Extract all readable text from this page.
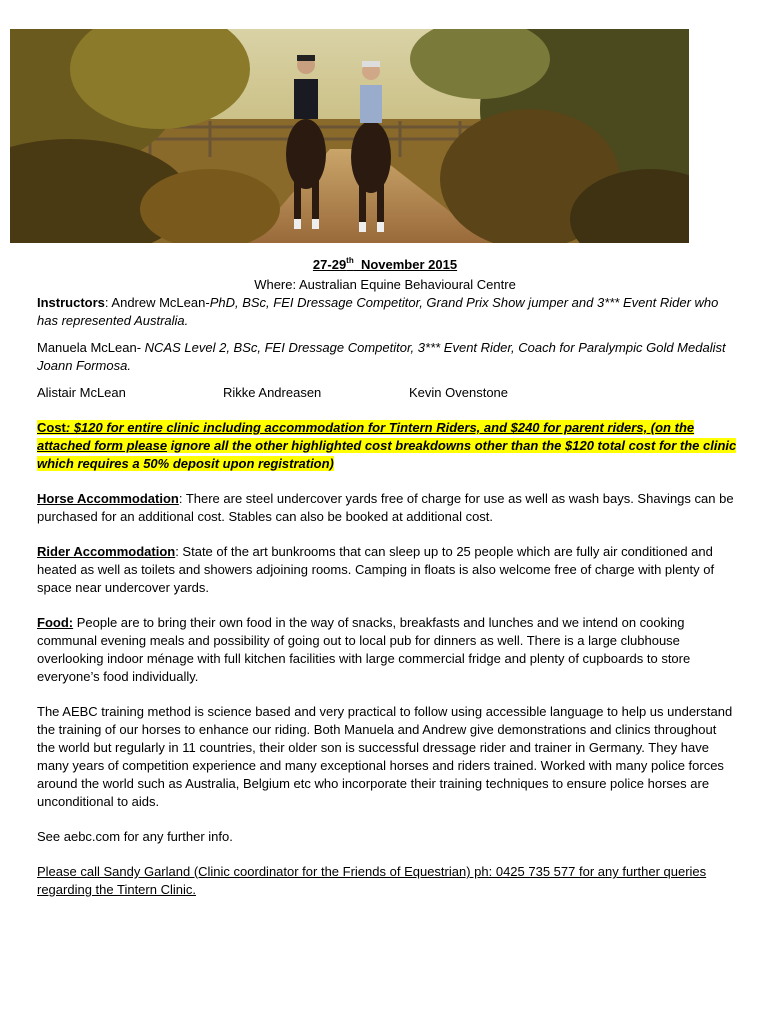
27-29th  November 2015

Where: Australian Equine Behavioural Centre

Instructors: Andrew McLean-PhD, BSc, FEI Dressage Competitor, Grand Prix Show jumper and 3*** Event Rider who has represented Australia.

Manuela McLean- NCAS Level 2, BSc, FEI Dressage Competitor, 3*** Event Rider, Coach for Paralympic Gold Medalist Joann Formosa.

Alistair McLean	Rikke Andreasen	Kevin Ovenstone

Cost: $120 for entire clinic including accommodation for Tintern Riders, and $240 for parent riders, (on the attached form please ignore all the other highlighted cost breakdowns other than the $120 total cost for the clinic which requires a 50% deposit upon registration)

Horse Accommodation: There are steel undercover yards free of charge for use as well as wash bays. Shavings can be purchased for an additional cost. Stables can also be booked at additional cost.

Rider Accommodation: State of the art bunkrooms that can sleep up to 25 people which are fully air conditioned and heated as well as toilets and showers adjoining rooms. Camping in floats is also welcome free of charge with plenty of space near undercover yards.

Food: People are to bring their own food in the way of snacks, breakfasts and lunches and we intend on cooking communal evening meals and possibility of going out to local pub for dinners as well. There is a large clubhouse overlooking indoor ménage with full kitchen facilities with large commercial fridge and plenty of cupboards to store everyone’s food individually.

The AEBC training method is science based and very practical to follow using accessible language to help us understand the training of our horses to enhance our riding. Both Manuela and Andrew give demonstrations and clinics throughout the world but regularly in 11 countries, their older son is successful dressage rider and trainer in Germany. They have many years of competition experience and many exceptional horses and riders trained. Worked with many police forces around the world such as Australia, Belgium etc who incorporate their training techniques to ensure police horses are unconditional to aids.

See aebc.com for any further info.

Please call Sandy Garland (Clinic coordinator for the Friends of Equestrian) ph: 0425 735 577 for any further queries regarding the Tintern Clinic.
